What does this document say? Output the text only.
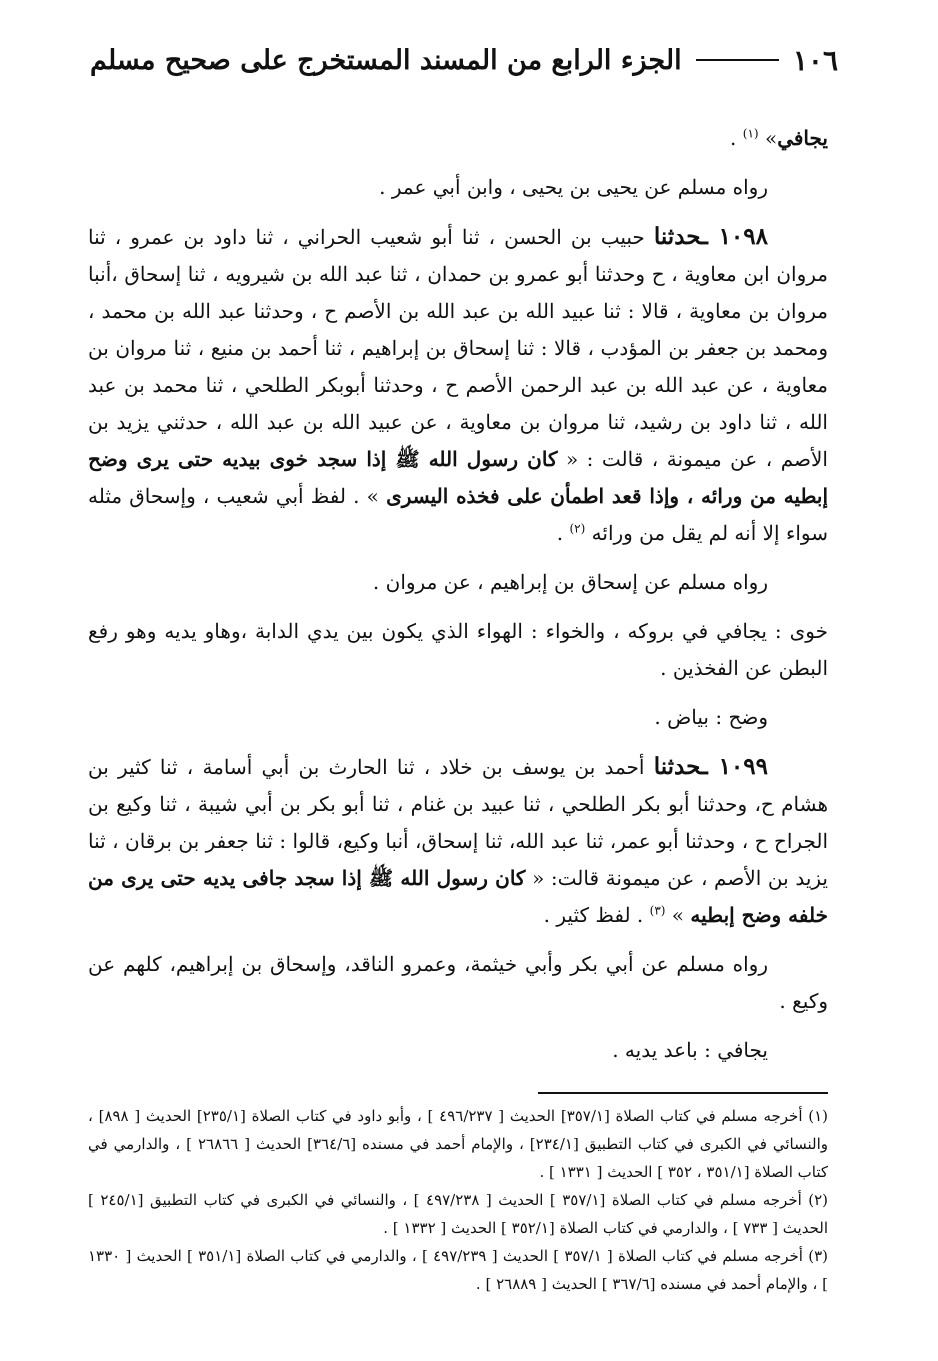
١٠٦
الجزء الرابع من المسند المستخرج على صحيح مسلم

يجافي» $^{(١)}$ .

رواه مسلم عن يحيى بن يحيى ، وابن أبي عمر .

١٠٩٨ ـحدثنا حبيب بن الحسن ، ثنا أبو شعيب الحراني ، ثنا داود بن عمرو ، ثنا مروان ابن معاوية ، ح وحدثنا أبو عمرو بن حمدان ، ثنا عبد الله بن شيرويه ، ثنا إسحاق ،أنبا مروان بن معاوية ، قالا : ثنا عبيد الله بن عبد الله بن الأصم ح ، وحدثنا عبد الله بن محمد ، ومحمد بن جعفر بن المؤدب ، قالا : ثنا إسحاق بن إبراهيم ، ثنا أحمد بن منيع ، ثنا مروان بن معاوية ، عن عبد الله بن عبد الرحمن الأصم ح ، وحدثنا أبوبكر الطلحي ، ثنا محمد بن عبد الله ، ثنا داود بن رشيد، ثنا مروان بن معاوية ، عن عبيد الله بن عبد الله ، حدثني يزيد بن الأصم ، عن ميمونة ، قالت : « كان رسول الله ﷺ إذا سجد خوى بيديه حتى يرى وضح إبطيه من ورائه ، وإذا قعد اطمأن على فخذه اليسرى » . لفظ أبي شعيب ، وإسحاق مثله سواء إلا أنه لم يقل من ورائه $^{(٢)}$ .

رواه مسلم عن إسحاق بن إبراهيم ، عن مروان .

خوى : يجافي في بروكه ، والخواء : الهواء الذي يكون بين يدي الدابة ،وهاو يديه وهو رفع البطن عن الفخذين .

وضح : بياض .

١٠٩٩ ـحدثنا أحمد بن يوسف بن خلاد ، ثنا الحارث بن أبي أسامة ، ثنا كثير بن هشام ح، وحدثنا أبو بكر الطلحي ، ثنا عبيد بن غنام ، ثنا أبو بكر بن أبي شيبة ، ثنا وكيع بن الجراح ح ، وحدثنا أبو عمر، ثنا عبد الله، ثنا إسحاق، أنبا وكيع، قالوا : ثنا جعفر بن برقان ، ثنا يزيد بن الأصم ، عن ميمونة قالت: « كان رسول الله ﷺ إذا سجد جافى يديه حتى يرى من خلفه وضح إبطيه » $^{(٣)}$ . لفظ كثير .

رواه مسلم عن أبي بكر وأبي خيثمة، وعمرو الناقد، وإسحاق بن إبراهيم، كلهم عن وكيع .

يجافي : باعد يديه .

(١) أخرجه مسلم في كتاب الصلاة [٣٥٧/١] الحديث [ ٤٩٦/٢٣٧ ] ، وأبو داود في كتاب الصلاة [٢٣٥/١] الحديث [ ٨٩٨] ، والنسائي في الكبرى في كتاب التطبيق [٢٣٤/١] ، والإمام أحمد في مسنده [٣٦٤/٦] الحديث [ ٢٦٨٦٦ ] ، والدارمي في كتاب الصلاة [٣٥١/١ ، ٣٥٢ ] الحديث [ ١٣٣١ ] .

(٢) أخرجه مسلم في كتاب الصلاة [٣٥٧/١ ] الحديث [ ٤٩٧/٢٣٨ ] ، والنسائي في الكبرى في كتاب التطبيق [٢٤٥/١ ] الحديث [ ٧٣٣ ] ، والدارمي في كتاب الصلاة [٣٥٢/١ ] الحديث [ ١٣٣٢ ] .

(٣) أخرجه مسلم في كتاب الصلاة [ ٣٥٧/١ ] الحديث [ ٤٩٧/٢٣٩ ] ، والدارمي في كتاب الصلاة [٣٥١/١ ] الحديث [ ١٣٣٠ ] ، والإمام أحمد في مسنده [٣٦٧/٦ ] الحديث [ ٢٦٨٨٩ ] .
